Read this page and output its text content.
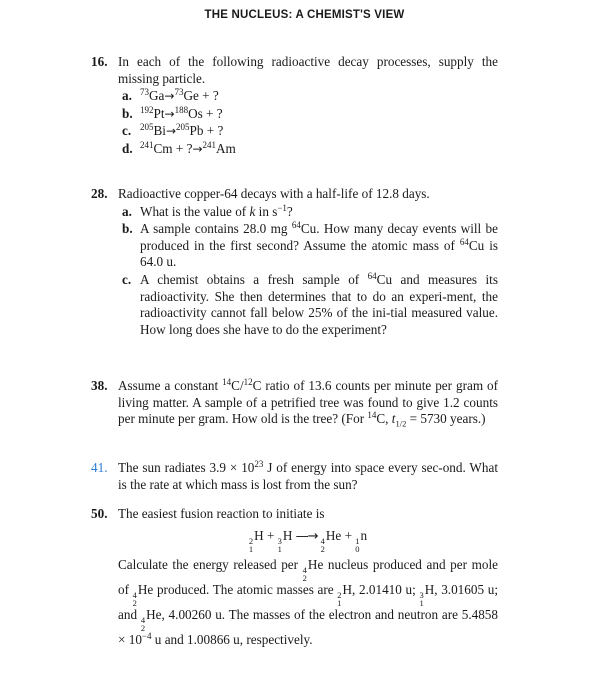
THE NUCLEUS: A CHEMIST'S VIEW
16. In each of the following radioactive decay processes, supply the missing particle.
a. $^{73}$Ga→$^{73}$Ge + ?
b. $^{192}$Pt→$^{188}$Os + ?
c. $^{205}$Bi→$^{205}$Pb + ?
d. $^{241}$Cm + ?→$^{241}$Am
28. Radioactive copper-64 decays with a half-life of 12.8 days.
a. What is the value of k in $s^{-1}$?
b. A sample contains 28.0 mg $^{64}$Cu. How many decay events will be produced in the first second? Assume the atomic mass of $^{64}$Cu is 64.0 u.
c. A chemist obtains a fresh sample of $^{64}$Cu and measures its radioactivity. She then determines that to do an experi-ment, the radioactivity cannot fall below 25% of the ini-tial measured value. How long does she have to do the experiment?
38. Assume a constant $^{14}$C/$^{12}$C ratio of 13.6 counts per minute per gram of living matter. A sample of a petrified tree was found to give 1.2 counts per minute per gram. How old is the tree? (For $^{14}$C, $t_{1/2} = 5730$ years.)
41. The sun radiates $3.9 \times 10^{23}$ J of energy into space every sec-ond. What is the rate at which mass is lost from the sun?
50. The easiest fusion reaction to initiate is
2
1
H + 3
1
H —→ 4
2
He + 1
0
n
Calculate the energy released per 4
2
He nucleus produced and per mole of 4
2
He produced. The atomic masses are 2
1
H, 2.01410 u; 3
1
H, 3.01605 u; and 4
2
He, 4.00260 u. The masses of the electron and neutron are $5.4858 \times 10^{-4}$ u and 1.00866 u, respectively.
